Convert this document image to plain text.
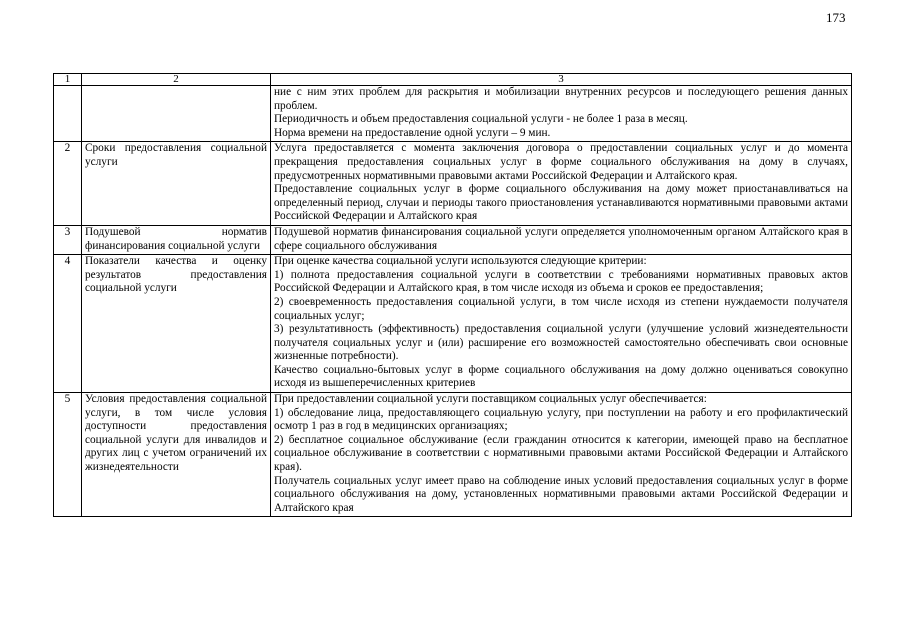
173
1	2	3

		ние с ним этих проблем для раскрытия и мобилизации внутренних ресурсов и последующего решения данных проблем.
Периодичность и объем предоставления социальной услуги - не более 1 раза в месяц.
Норма времени на предоставление одной услуги – 9 мин.

2	Сроки предоставления социальной услуги	Услуга предоставляется с момента заключения договора о предоставлении социальных услуг и до момента прекращения предоставления социальных услуг в форме социального обслуживания на дому в случаях, предусмотренных нормативными правовыми актами Российской Федерации и Алтайского края.
Предоставление социальных услуг в форме социального обслуживания на дому может приостанавливаться на определенный период, случаи и периоды такого приостановления устанавливаются нормативными правовыми актами Российской Федерации и Алтайского края

3	Подушевой норматив финансирования социальной услуги	Подушевой норматив финансирования социальной услуги определяется уполномоченным органом Алтайского края в сфере социального обслуживания

4	Показатели качества и оценку результатов предоставления социальной услуги	При оценке качества социальной услуги используются следующие критерии:
1) полнота предоставления социальной услуги в соответствии с требованиями нормативных правовых актов Российской Федерации и Алтайского края, в том числе исходя из объема и сроков ее предоставления;
2) своевременность предоставления социальной услуги, в том числе исходя из степени нуждаемости получателя социальных услуг;
3) результативность (эффективность) предоставления социальной услуги (улучшение условий жизнедеятельности получателя социальных услуг и (или) расширение его возможностей самостоятельно обеспечивать свои основные жизненные потребности).
Качество социально-бытовых услуг в форме социального обслуживания на дому должно оцениваться совокупно исходя из вышеперечисленных критериев

5	Условия предоставления социальной услуги, в том числе условия доступности предоставления социальной услуги для инвалидов и других лиц с учетом ограничений их жизнедеятельности	При предоставлении социальной услуги поставщиком социальных услуг обеспечивается:
1) обследование лица, предоставляющего социальную услугу, при поступлении на работу и его профилактический осмотр 1 раз в год в медицинских организациях;
2) бесплатное социальное обслуживание (если гражданин относится к категории, имеющей право на бесплатное социальное обслуживание в соответствии с нормативными правовыми актами Российской Федерации и Алтайского края).
Получатель социальных услуг имеет право на соблюдение иных условий предоставления социальных услуг в форме социального обслуживания на дому, установленных нормативными правовыми актами Российской Федерации и Алтайского края
